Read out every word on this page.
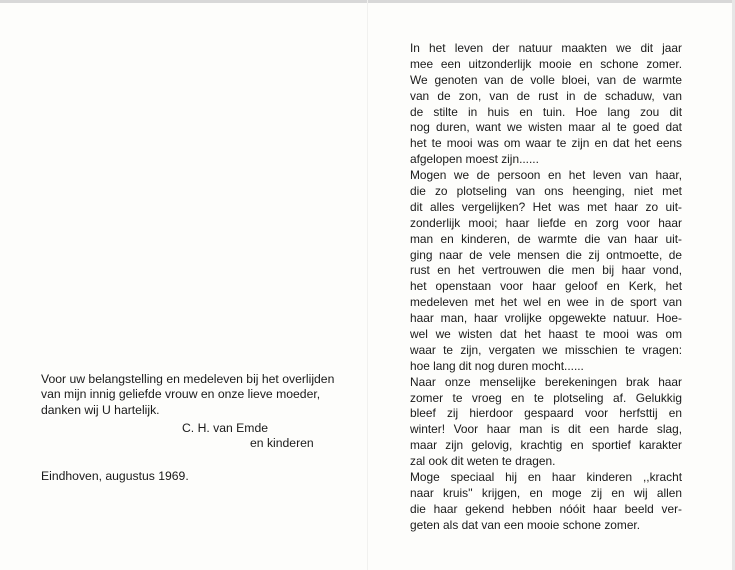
Voor uw belangstelling en medeleven bij het overlijden van mijn innig geliefde vrouw en onze lieve moeder, danken wij U hartelijk.

C. H. van Emde
en kinderen
Eindhoven, augustus 1969.
In het leven der natuur maakten we dit jaar
mee een uitzonderlijk mooie en schone zomer.
We genoten van de volle bloei, van de warmte
van de zon, van de rust in de schaduw, van
de stilte in huis en tuin. Hoe lang zou dit
nog duren, want we wisten maar al te goed dat
het te mooi was om waar te zijn en dat het eens
afgelopen moest zijn......
Mogen we de persoon en het leven van haar,
die zo plotseling van ons heenging, niet met
dit alles vergelijken? Het was met haar zo uit-
zonderlijk mooi; haar liefde en zorg voor haar
man en kinderen, de warmte die van haar uit-
ging naar de vele mensen die zij ontmoette, de
rust en het vertrouwen die men bij haar vond,
het openstaan voor haar geloof en Kerk, het
medeleven met het wel en wee in de sport van
haar man, haar vrolijke opgewekte natuur. Hoe-
wel we wisten dat het haast te mooi was om
waar te zijn, vergaten we misschien te vragen:
hoe lang dit nog duren mocht......
Naar onze menselijke berekeningen brak haar
zomer te vroeg en te plotseling af. Gelukkig
bleef zij hierdoor gespaard voor herfsttij en
winter! Voor haar man is dit een harde slag,
maar zijn gelovig, krachtig en sportief karakter
zal ook dit weten te dragen.
Moge speciaal hij en haar kinderen ,,kracht
naar kruis'' krijgen, en moge zij en wij allen
die haar gekend hebben nóóit haar beeld ver-
geten als dat van een mooie schone zomer.
